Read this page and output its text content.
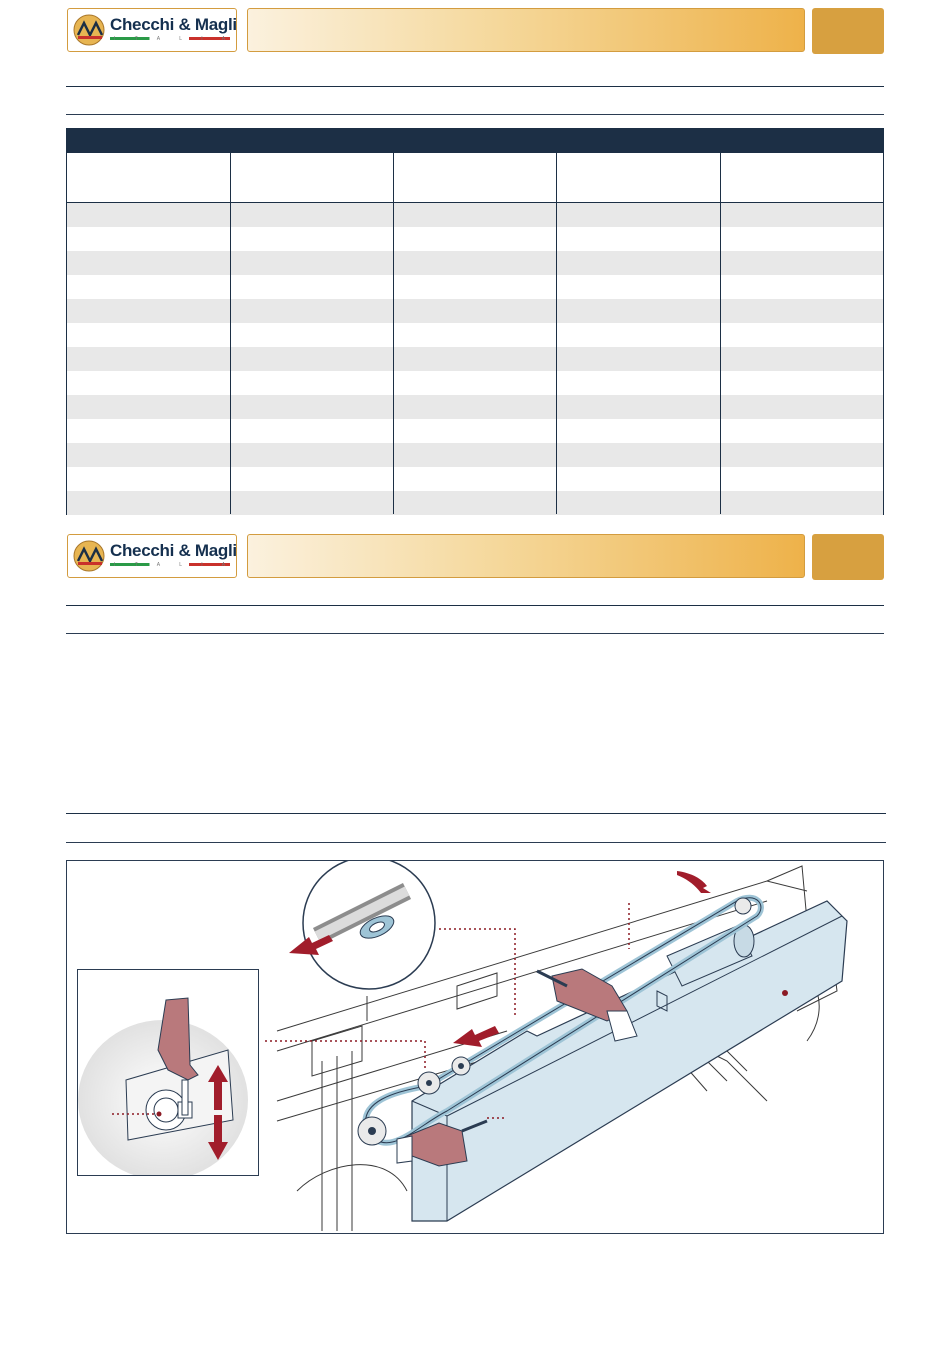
Checchi & Magli
I T A L I A
Checchi & Magli
I T A L I A
